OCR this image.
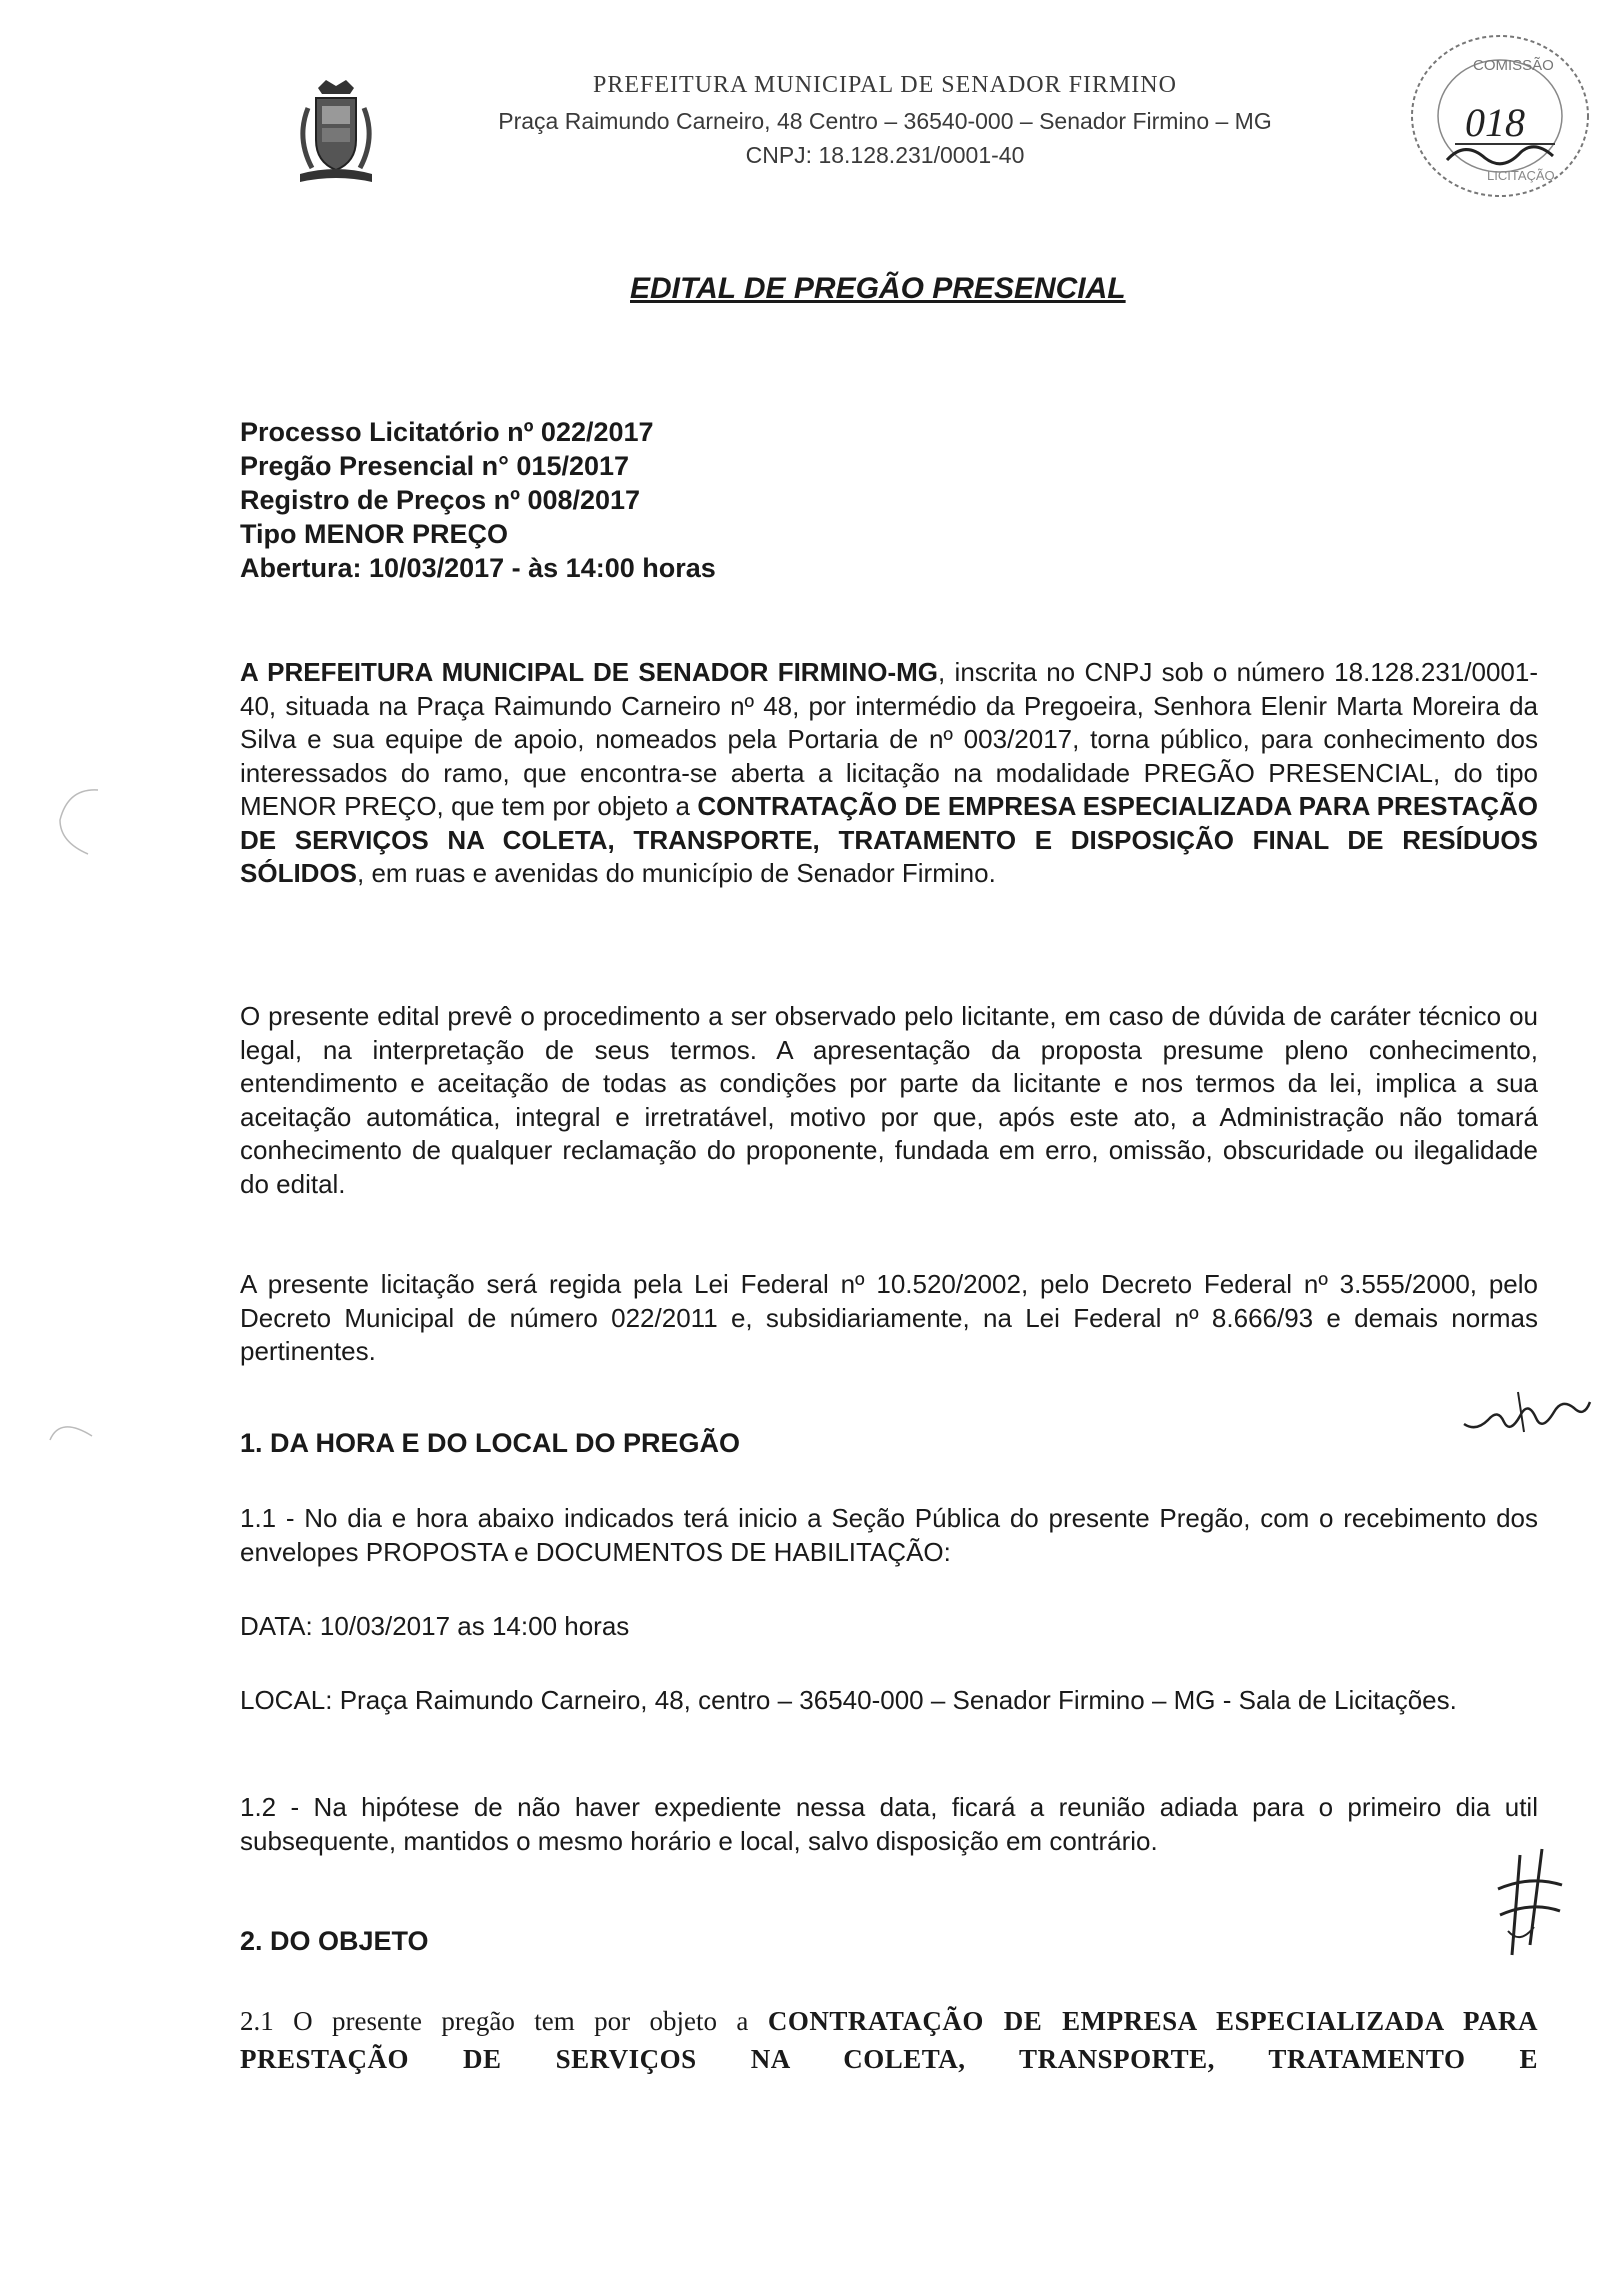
PREFEITURA MUNICIPAL DE SENADOR FIRMINO
Praça Raimundo Carneiro, 48 Centro – 36540-000 – Senador Firmino – MG
CNPJ: 18.128.231/0001-40
COMISSÃO
018
LICITAÇÃO
EDITAL DE PREGÃO PRESENCIAL
Processo Licitatório nº 022/2017
Pregão Presencial n° 015/2017
Registro de Preços nº 008/2017
Tipo MENOR PREÇO
Abertura: 10/03/2017 - às 14:00 horas
A PREFEITURA MUNICIPAL DE SENADOR FIRMINO-MG, inscrita no CNPJ sob o número 18.128.231/0001-40, situada na Praça Raimundo Carneiro nº 48, por intermédio da Pregoeira, Senhora Elenir Marta Moreira da Silva e sua equipe de apoio, nomeados pela Portaria de nº 003/2017, torna público, para conhecimento dos interessados do ramo, que encontra-se aberta a licitação na modalidade PREGÃO PRESENCIAL, do tipo MENOR PREÇO, que tem por objeto a CONTRATAÇÃO DE EMPRESA ESPECIALIZADA PARA PRESTAÇÃO DE SERVIÇOS NA COLETA, TRANSPORTE, TRATAMENTO E DISPOSIÇÃO FINAL DE RESÍDUOS SÓLIDOS, em ruas e avenidas do município de Senador Firmino.
O presente edital prevê o procedimento a ser observado pelo licitante, em caso de dúvida de caráter técnico ou legal, na interpretação de seus termos. A apresentação da proposta presume pleno conhecimento, entendimento e aceitação de todas as condições por parte da licitante e nos termos da lei, implica a sua aceitação automática, integral e irretratável, motivo por que, após este ato, a Administração não tomará conhecimento de qualquer reclamação do proponente, fundada em erro, omissão, obscuridade ou ilegalidade do edital.
A presente licitação será regida pela Lei Federal nº 10.520/2002, pelo Decreto Federal nº 3.555/2000, pelo Decreto Municipal de número 022/2011 e, subsidiariamente, na Lei Federal nº 8.666/93 e demais normas pertinentes.
1. DA HORA E DO LOCAL DO PREGÃO
1.1 - No dia e hora abaixo indicados terá inicio a Seção Pública do presente Pregão, com o recebimento dos envelopes PROPOSTA e DOCUMENTOS DE HABILITAÇÃO:
DATA: 10/03/2017 as 14:00 horas
LOCAL: Praça Raimundo Carneiro, 48, centro – 36540-000 – Senador Firmino – MG - Sala de Licitações.
1.2 - Na hipótese de não haver expediente nessa data, ficará a reunião adiada para o primeiro dia util subsequente, mantidos o mesmo horário e local, salvo disposição em contrário.
2. DO OBJETO
2.1 O presente pregão tem por objeto a CONTRATAÇÃO DE EMPRESA ESPECIALIZADA PARA PRESTAÇÃO DE SERVIÇOS NA COLETA, TRANSPORTE, TRATAMENTO E
